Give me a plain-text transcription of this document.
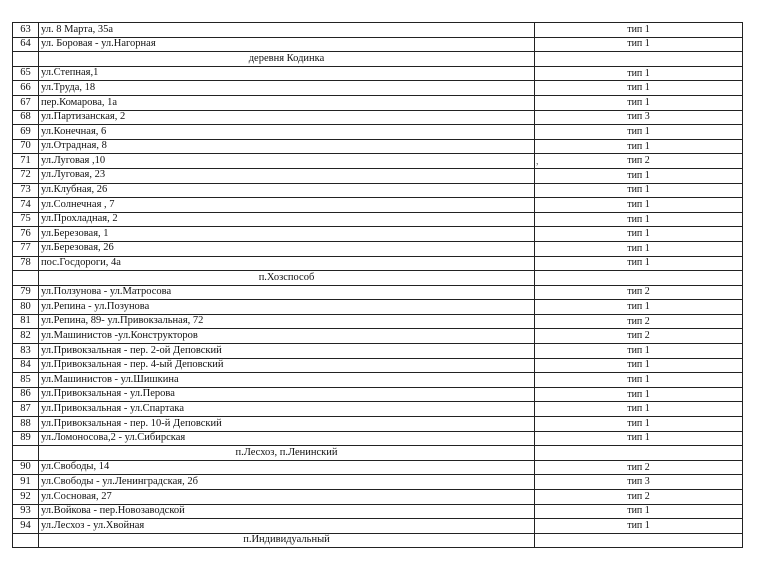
63	ул. 8 Марта, 35а	тип 1
64	ул. Боровая - ул.Нагорная	тип 1
	деревня Кодинка	
65	ул.Степная,1	тип 1
66	ул.Труда, 18	тип 1
67	пер.Комарова, 1а	тип 1
68	ул.Партизанская, 2	тип 3
69	ул.Конечная, 6	тип 1
70	ул.Отрадная, 8	тип 1
71	ул.Луговая ,10	тип 2
72	ул.Луговая, 23	тип 1
73	ул.Клубная, 26	тип 1
74	ул.Солнечная , 7	тип 1
75	ул.Прохладная, 2	тип 1
76	ул.Березовая, 1	тип 1
77	ул.Березовая, 26	тип 1
78	пос.Госдороги, 4а	тип 1
	п.Хозспособ	
79	ул.Ползунова - ул.Матросова	тип 2
80	ул.Репина - ул.Позунова	тип 1
81	ул.Репина, 89- ул.Привокзальная, 72	тип 2
82	ул.Машинистов -ул.Конструкторов	тип 2
83	ул.Привокзальная - пер. 2-ой Деповский	тип 1
84	ул.Привокзальная - пер. 4-ый Деповский	тип 1
85	ул.Машинистов - ул.Шишкина	тип 1
86	ул.Привокзальная - ул.Перова	тип 1
87	ул.Привокзальная - ул.Спартака	тип 1
88	ул.Привокзальная - пер. 10-й Деповский	тип 1
89	ул.Ломоносова,2 - ул.Сибирская	тип 1
	п.Лесхоз, п.Ленинский	
90	ул.Свободы, 14	тип 2
91	ул.Свободы - ул.Ленинградская, 2б	тип 3
92	ул.Сосновая, 27	тип 2
93	ул.Войкова - пер.Новозаводской	тип 1
94	ул.Лесхоз - ул.Хвойная	тип 1
	п.Индивидуальный	
,
